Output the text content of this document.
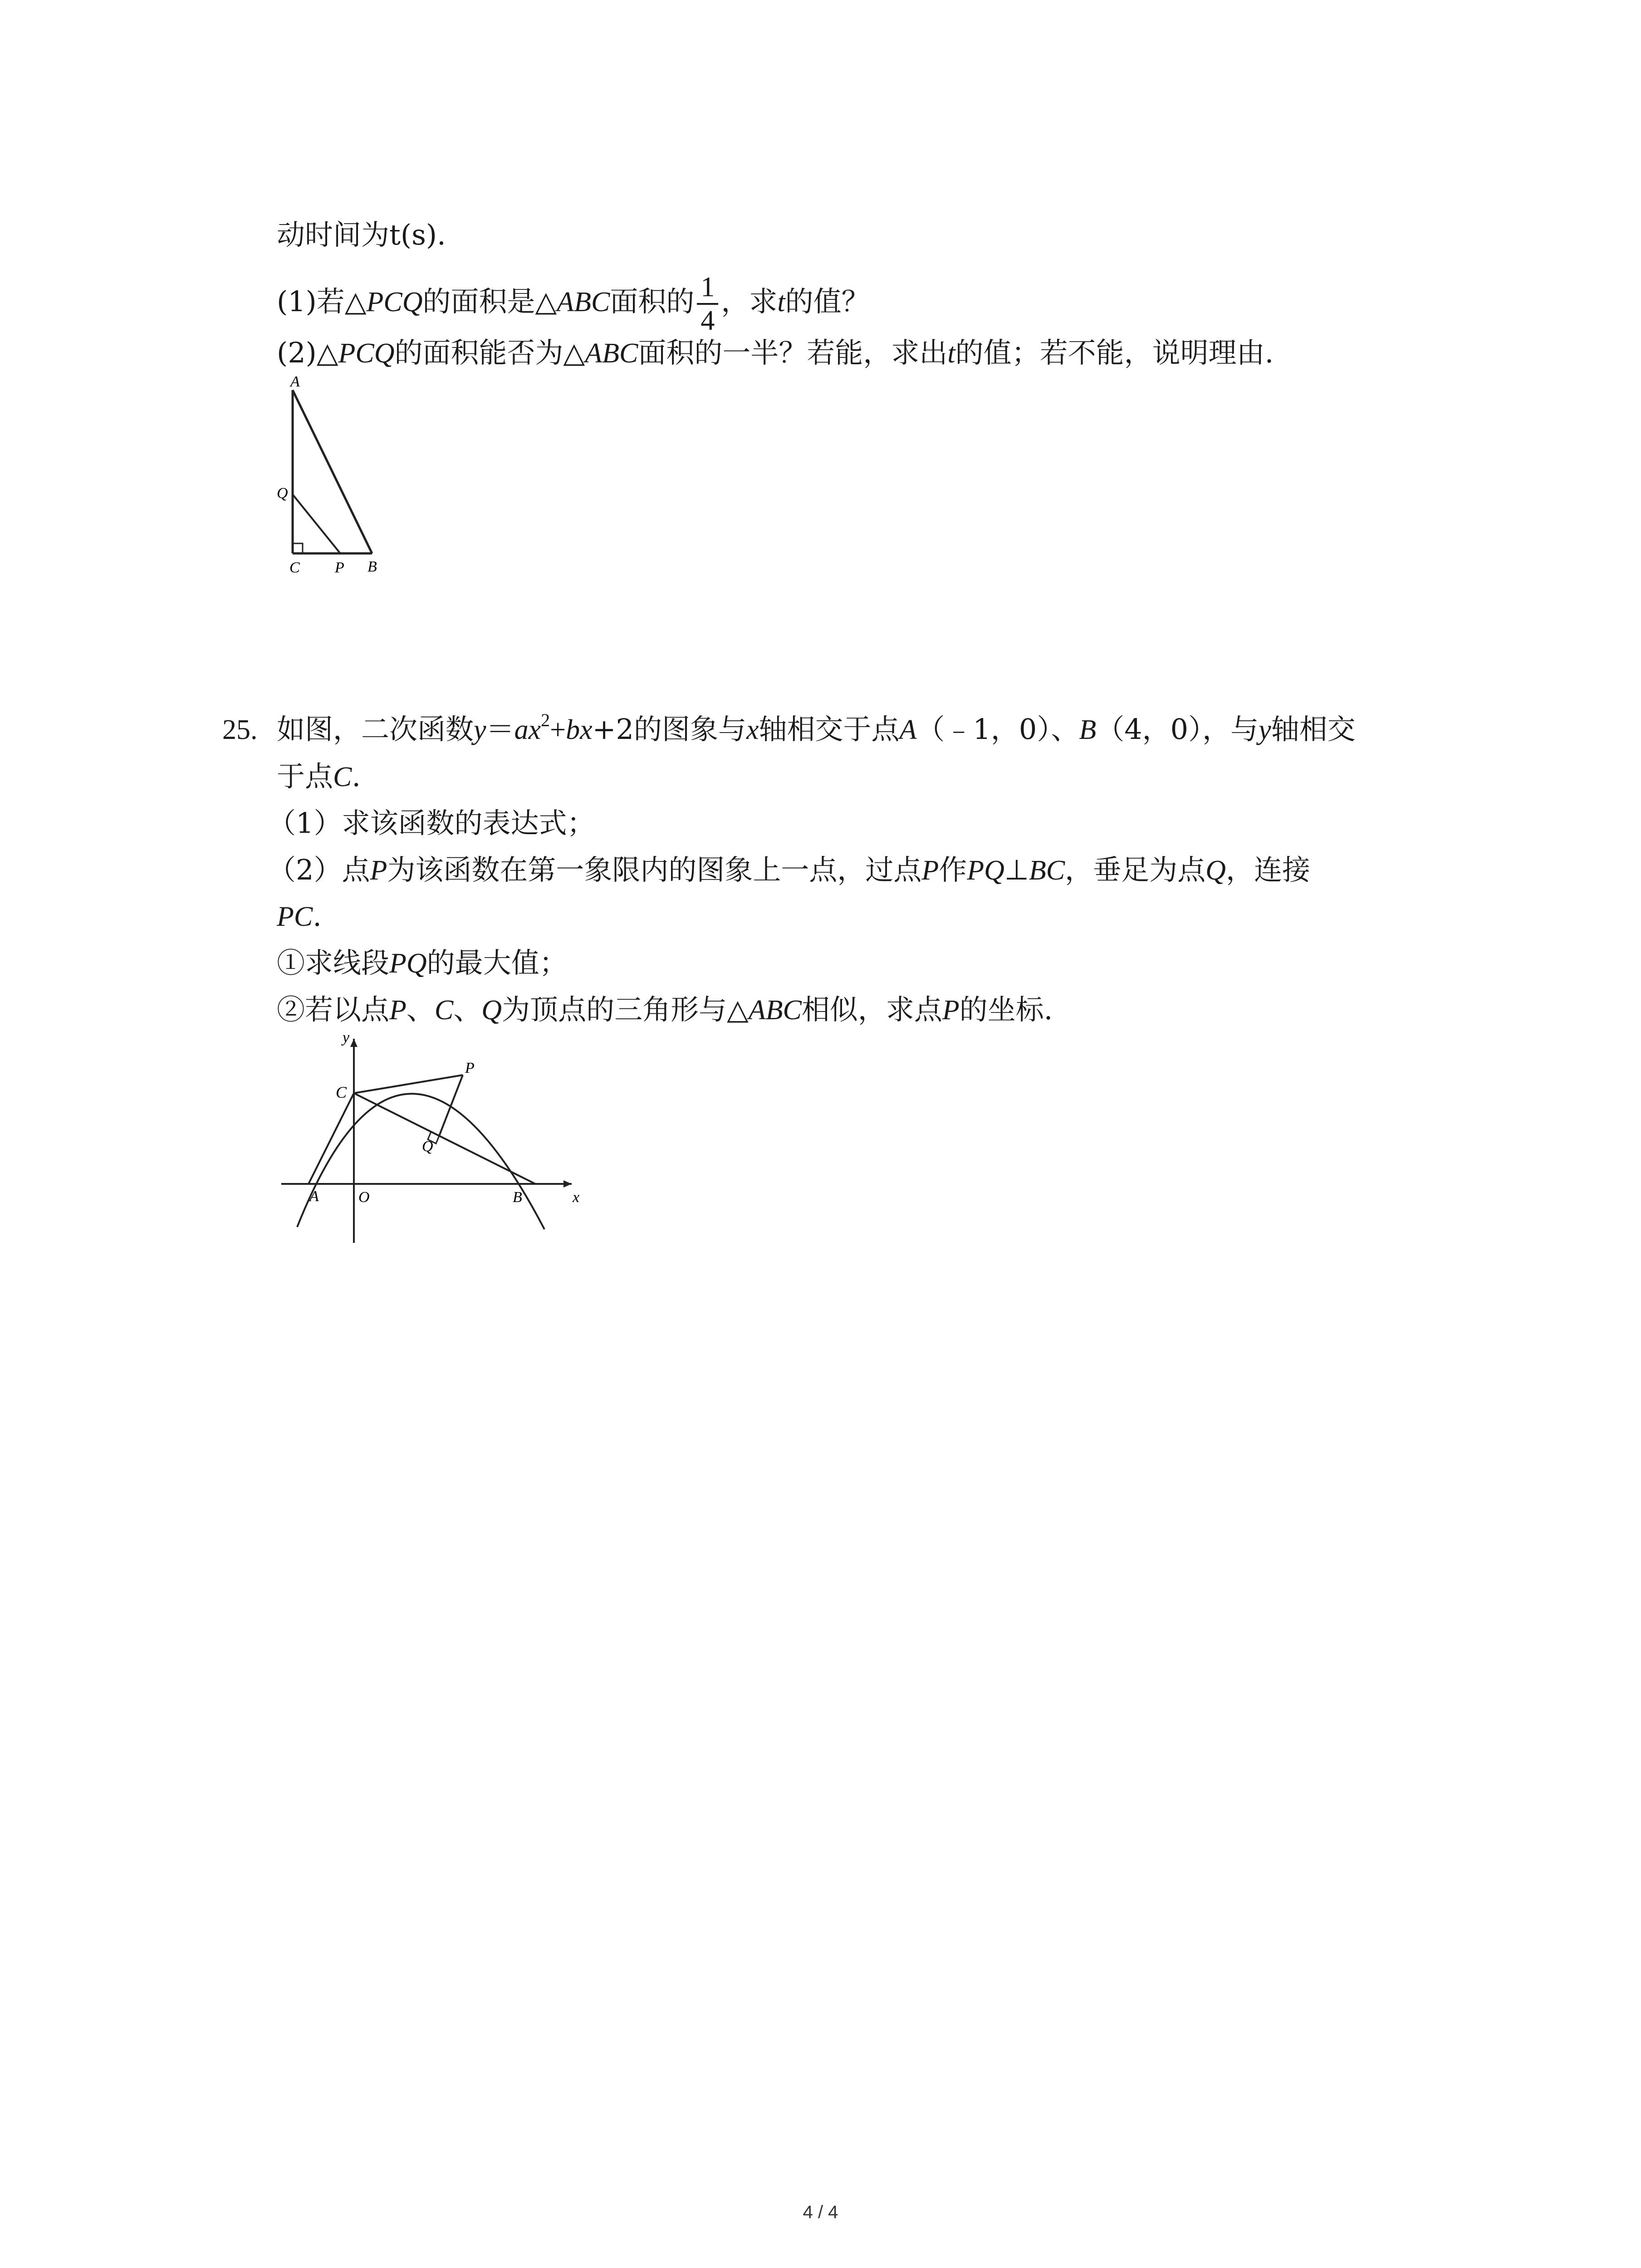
动时间为t(s).
(1)若△PCQ的面积是△ABC面积的 $\frac{1}{4}$ ，求t的值？
(2)△PCQ的面积能否为△ABC面积的一半？若能，求出t的值；若不能，说明理由.
A
Q
C P B
25. 如图，二次函数$y=ax^2+bx+2$的图象与x轴相交于点A（﹣1，0）、B（4，0），与y轴相交
于点C.
（1）求该函数的表达式；
（2）点P为该函数在第一象限内的图象上一点，过点P作PQ⊥BC，垂足为点Q，连接
PC.
①求线段PQ的最大值；
②若以点P、C、Q为顶点的三角形与△ABC相似，求点P的坐标.
y
x
C
P
Q
A	O	B
4 / 4
